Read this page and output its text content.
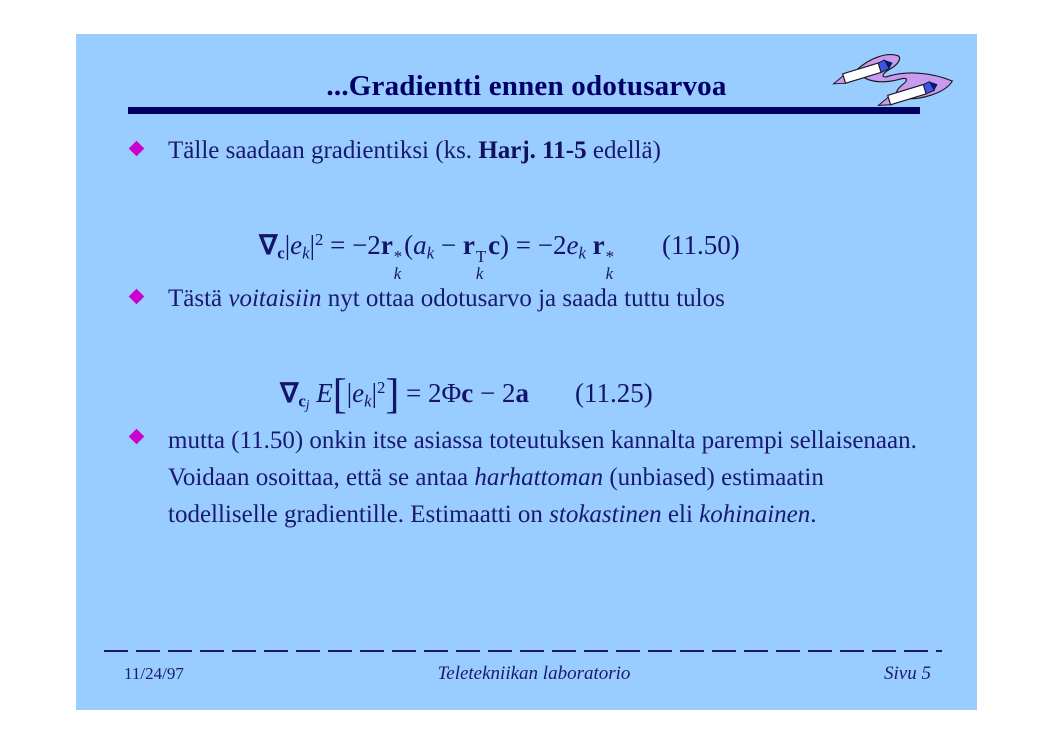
...Gradientti ennen odotusarvoa
Tälle saadaan gradientiksi (ks. Harj. 11-5 edellä)
$\nabla c|ek|^2 = -2r$ *
k
(ak − r T
k
c) = −2ek r *
k
(11.50)
Tästä voitaisiin nyt ottaa odotusarvo ja saada tuttu tulos
$\nabla c_j$ $E[|ek|^2] = 2\Phi c - 2a$ (11.25)
mutta (11.50) onkin itse asiassa toteutuksen kannalta parempi sellaisenaan. Voidaan osoittaa, että se antaa harhattoman (unbiased) estimaatin todelliselle gradientille. Estimaatti on stokastinen eli kohinainen.
11/24/97	Teletekniikan laboratorio	Sivu 5
